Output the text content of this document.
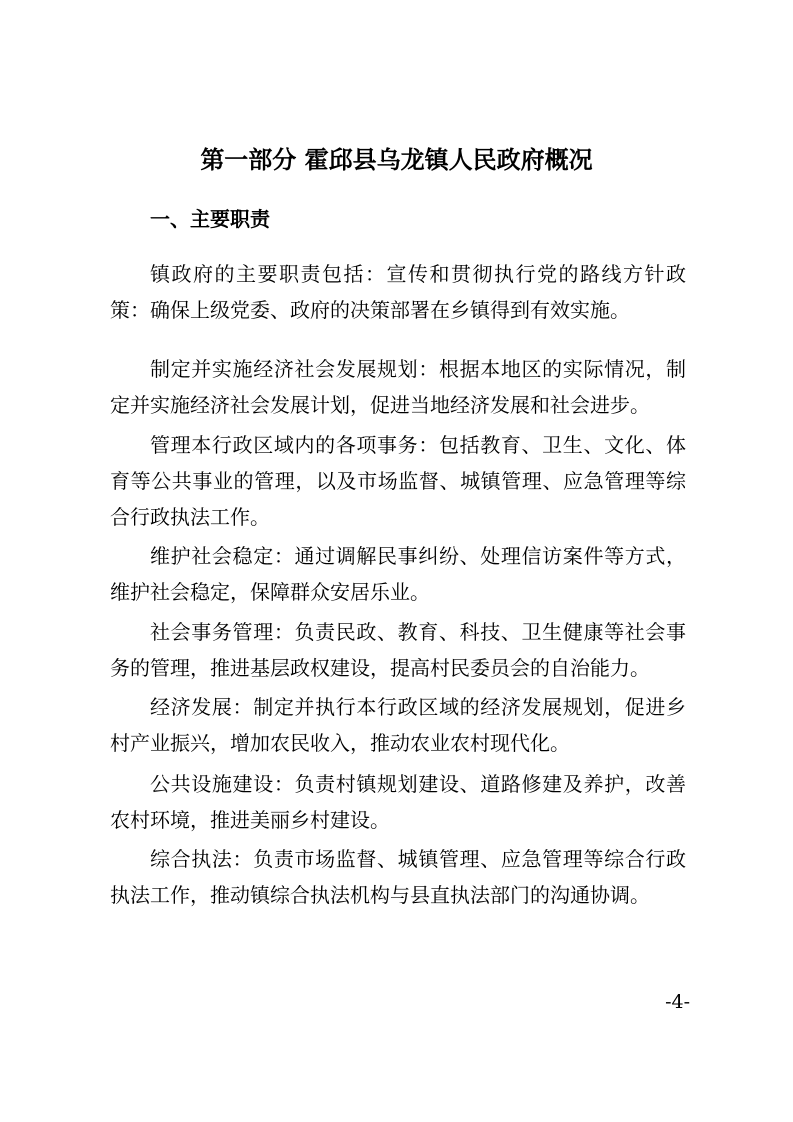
第一部分 霍邱县乌龙镇人民政府概况
一、主要职责

镇政府的主要职责包括：宣传和贯彻执行党的路线方针政策：确保上级党委、政府的决策部署在乡镇得到有效实施。

制定并实施经济社会发展规划：根据本地区的实际情况，制定并实施经济社会发展计划，促进当地经济发展和社会进步。

管理本行政区域内的各项事务：包括教育、卫生、文化、体育等公共事业的管理，以及市场监督、城镇管理、应急管理等综合行政执法工作。

维护社会稳定：通过调解民事纠纷、处理信访案件等方式，维护社会稳定，保障群众安居乐业。

社会事务管理：负责民政、教育、科技、卫生健康等社会事务的管理，推进基层政权建设，提高村民委员会的自治能力。

经济发展：制定并执行本行政区域的经济发展规划，促进乡村产业振兴，增加农民收入，推动农业农村现代化。

公共设施建设：负责村镇规划建设、道路修建及养护，改善农村环境，推进美丽乡村建设。

综合执法：负责市场监督、城镇管理、应急管理等综合行政执法工作，推动镇综合执法机构与县直执法部门的沟通协调。

-4-
